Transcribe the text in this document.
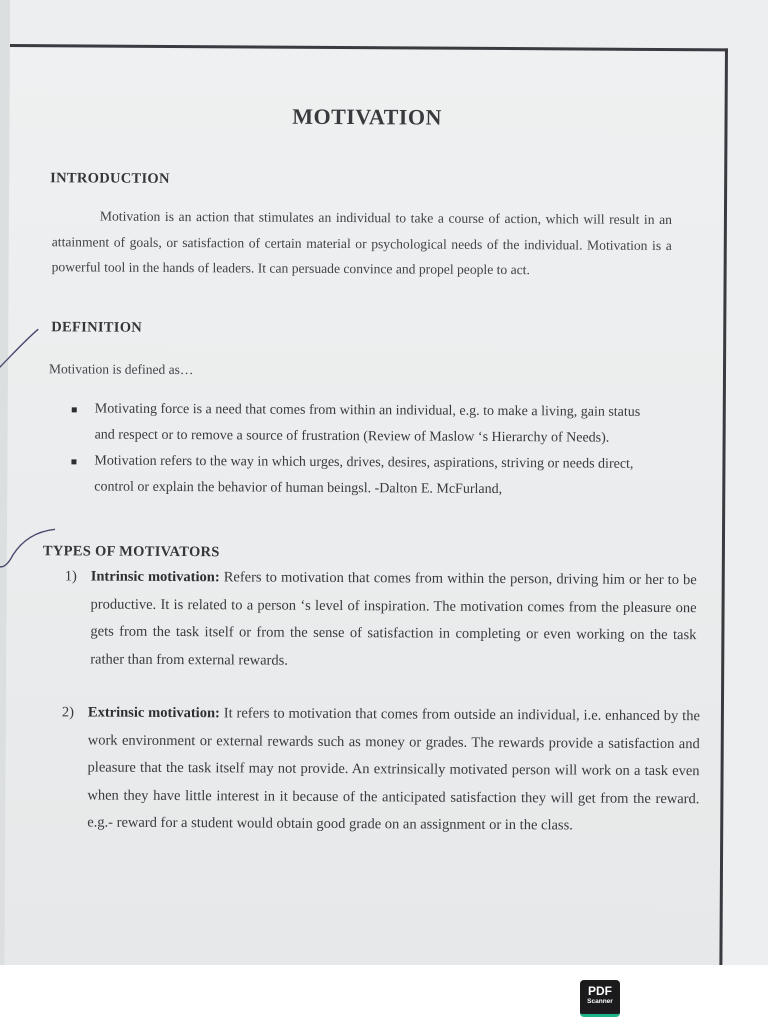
MOTIVATION
INTRODUCTION
Motivation is an action that stimulates an individual to take a course of action, which will result in an attainment of goals, or satisfaction of certain material or psychological needs of the individual. Motivation is a powerful tool in the hands of leaders. It can persuade convince and propel people to act.
DEFINITION
Motivation is defined as…
Motivating force is a need that comes from within an individual, e.g. to make a living, gain status and respect or to remove a source of frustration (Review of Maslow ‘s Hierarchy of Needs).
Motivation refers to the way in which urges, drives, desires, aspirations, striving or needs direct, control or explain the behavior of human beingsl. -Dalton E. McFurland,
TYPES OF MOTIVATORS
1) Intrinsic motivation: Refers to motivation that comes from within the person, driving him or her to be productive. It is related to a person ‘s level of inspiration. The motivation comes from the pleasure one gets from the task itself or from the sense of satisfaction in completing or even working on the task rather than from external rewards.
2) Extrinsic motivation: It refers to motivation that comes from outside an individual, i.e. enhanced by the work environment or external rewards such as money or grades. The rewards provide a satisfaction and pleasure that the task itself may not provide. An extrinsically motivated person will work on a task even when they have little interest in it because of the anticipated satisfaction they will get from the reward. e.g.- reward for a student would obtain good grade on an assignment or in the class.
PDF
Scanner
